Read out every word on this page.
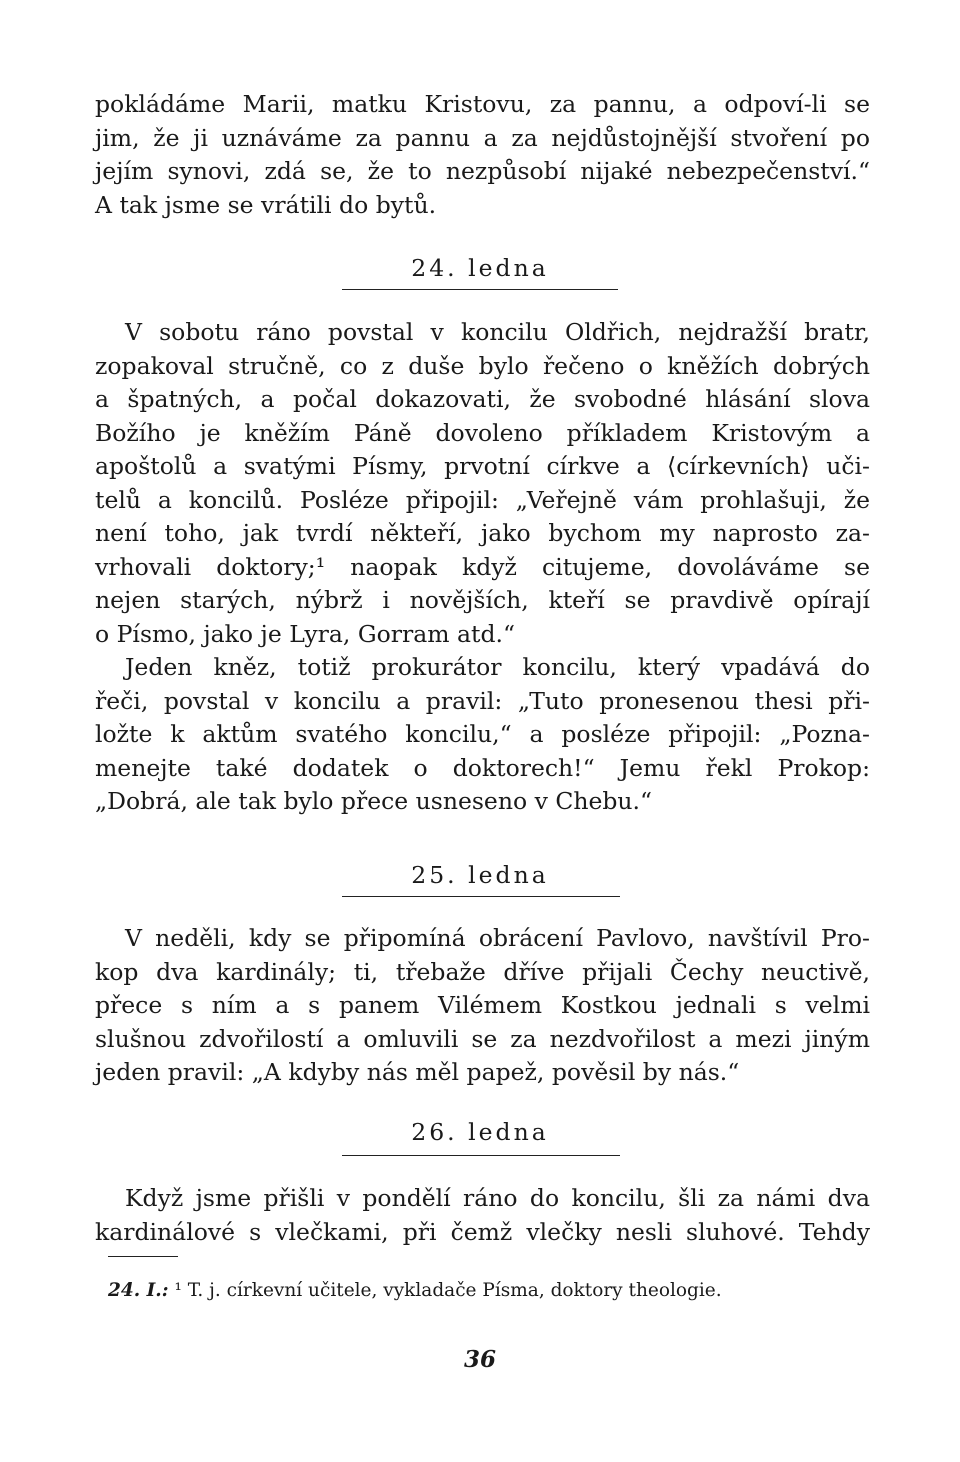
pokládáme Marii, matku Kristovu, za pannu, a odpoví-li se
jim, že ji uznáváme za pannu a za nejdůstojnější stvoření po
jejím synovi, zdá se, že to nezpůsobí nijaké nebezpečenství.“
A tak jsme se vrátili do bytů.
24. ledna
V sobotu ráno povstal v koncilu Oldřich, nejdražší bratr,
zopakoval stručně, co z duše bylo řečeno o kněžích dobrých
a špatných, a počal dokazovati, že svobodné hlásání slova
Božího je kněžím Páně dovoleno příkladem Kristovým a
apoštolů a svatými Písmy, prvotní církve a ⟨církevních⟩ uči-
telů a koncilů. Posléze připojil: „Veřejně vám prohlašuji, že
není toho, jak tvrdí někteří, jako bychom my naprosto za-
vrhovali doktory;¹ naopak když citujeme, dovoláváme se
nejen starých, nýbrž i novějších, kteří se pravdivě opírají
o Písmo, jako je Lyra, Gorram atd.“
Jeden kněz, totiž prokurátor koncilu, který vpadává do
řeči, povstal v koncilu a pravil: „Tuto pronesenou thesi při-
ložte k aktům svatého koncilu,“ a posléze připojil: „Pozna-
menejte také dodatek o doktorech!“ Jemu řekl Prokop:
„Dobrá, ale tak bylo přece usneseno v Chebu.“
25. ledna
V neděli, kdy se připomíná obrácení Pavlovo, navštívil Pro-
kop dva kardinály; ti, třebaže dříve přijali Čechy neuctivě,
přece s ním a s panem Vilémem Kostkou jednali s velmi
slušnou zdvořilostí a omluvili se za nezdvořilost a mezi jiným
jeden pravil: „A kdyby nás měl papež, pověsil by nás.“
26. ledna
Když jsme přišli v pondělí ráno do koncilu, šli za námi dva
kardinálové s vlečkami, při čemž vlečky nesli sluhové. Tehdy
24. I.: ¹ T. j. církevní učitele, vykladače Písma, doktory theologie.
36
